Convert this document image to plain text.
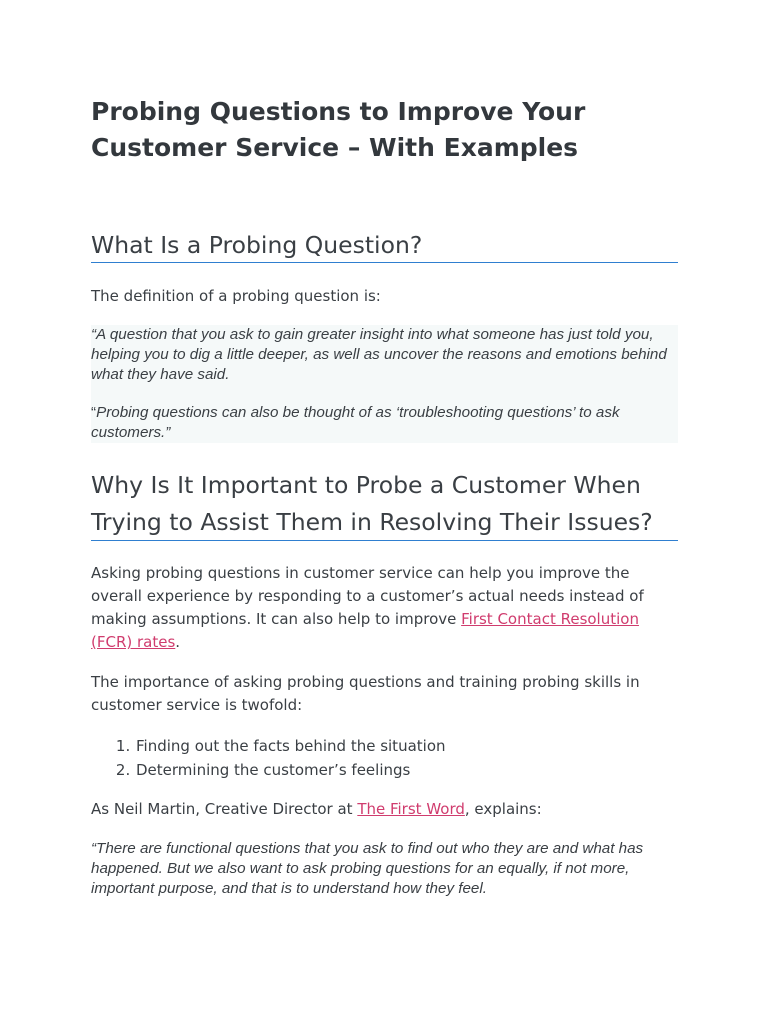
Probing Questions to Improve Your Customer Service – With Examples
What Is a Probing Question?

The definition of a probing question is:

“A question that you ask to gain greater insight into what someone has just told you, helping you to dig a little deeper, as well as uncover the reasons and emotions behind what they have said.

“Probing questions can also be thought of as ‘troubleshooting questions’ to ask customers.”

Why Is It Important to Probe a Customer When Trying to Assist Them in Resolving Their Issues?

Asking probing questions in customer service can help you improve the overall experience by responding to a customer’s actual needs instead of making assumptions. It can also help to improve First Contact Resolution (FCR) rates.

The importance of asking probing questions and training probing skills in customer service is twofold:

1. Finding out the facts behind the situation
2. Determining the customer’s feelings

As Neil Martin, Creative Director at The First Word, explains:

“There are functional questions that you ask to find out who they are and what has happened. But we also want to ask probing questions for an equally, if not more, important purpose, and that is to understand how they feel.
